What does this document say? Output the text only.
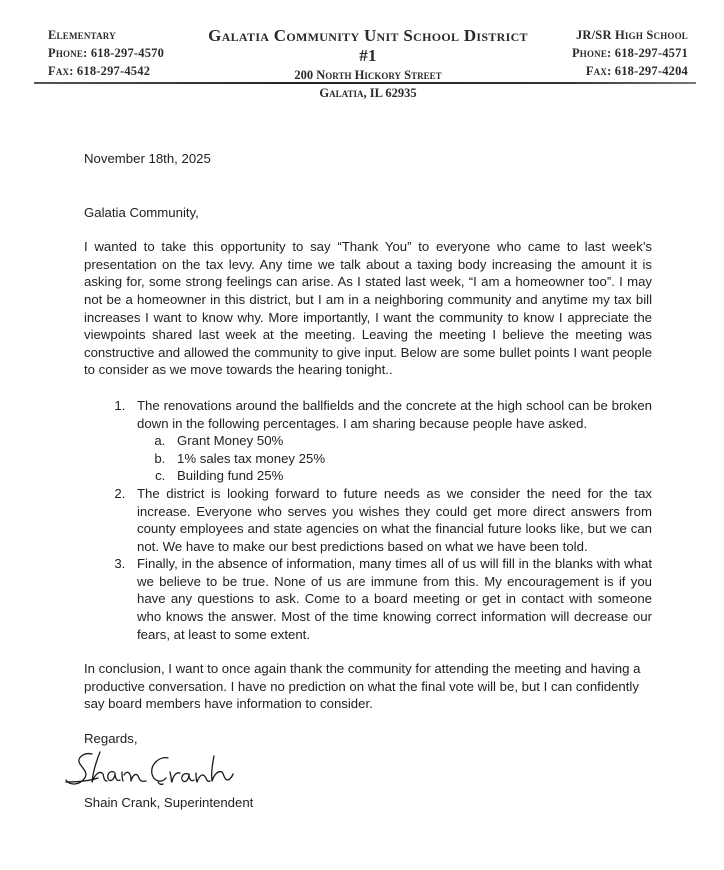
Elementary
Phone: 618-297-4570
Fax: 618-297-4542
Galatia Community Unit School District #1
200 North Hickory Street
Galatia, IL 62935
JR/SR High School
Phone: 618-297-4571
Fax: 618-297-4204

November 18th, 2025

Galatia Community,

I wanted to take this opportunity to say “Thank You” to everyone who came to last week’s presentation on the tax levy. Any time we talk about a taxing body increasing the amount it is asking for, some strong feelings can arise. As I stated last week, “I am a homeowner too”. I may not be a homeowner in this district, but I am in a neighboring community and anytime my tax bill increases I want to know why. More importantly, I want the community to know I appreciate the viewpoints shared last week at the meeting. Leaving the meeting I believe the meeting was constructive and allowed the community to give input. Below are some bullet points I want people to consider as we move towards the hearing tonight..

1. The renovations around the ballfields and the concrete at the high school can be broken down in the following percentages. I am sharing because people have asked.
a. Grant Money 50%
b. 1% sales tax money 25%
c. Building fund 25%
2. The district is looking forward to future needs as we consider the need for the tax increase. Everyone who serves you wishes they could get more direct answers from county employees and state agencies on what the financial future looks like, but we can not. We have to make our best predictions based on what we have been told.
3. Finally, in the absence of information, many times all of us will fill in the blanks with what we believe to be true. None of us are immune from this. My encouragement is if you have any questions to ask. Come to a board meeting or get in contact with someone who knows the answer. Most of the time knowing correct information will decrease our fears, at least to some extent.

In conclusion, I want to once again thank the community for attending the meeting and having a productive conversation. I have no prediction on what the final vote will be, but I can confidently say board members have information to consider.

Regards,

Shain Crank, Superintendent
